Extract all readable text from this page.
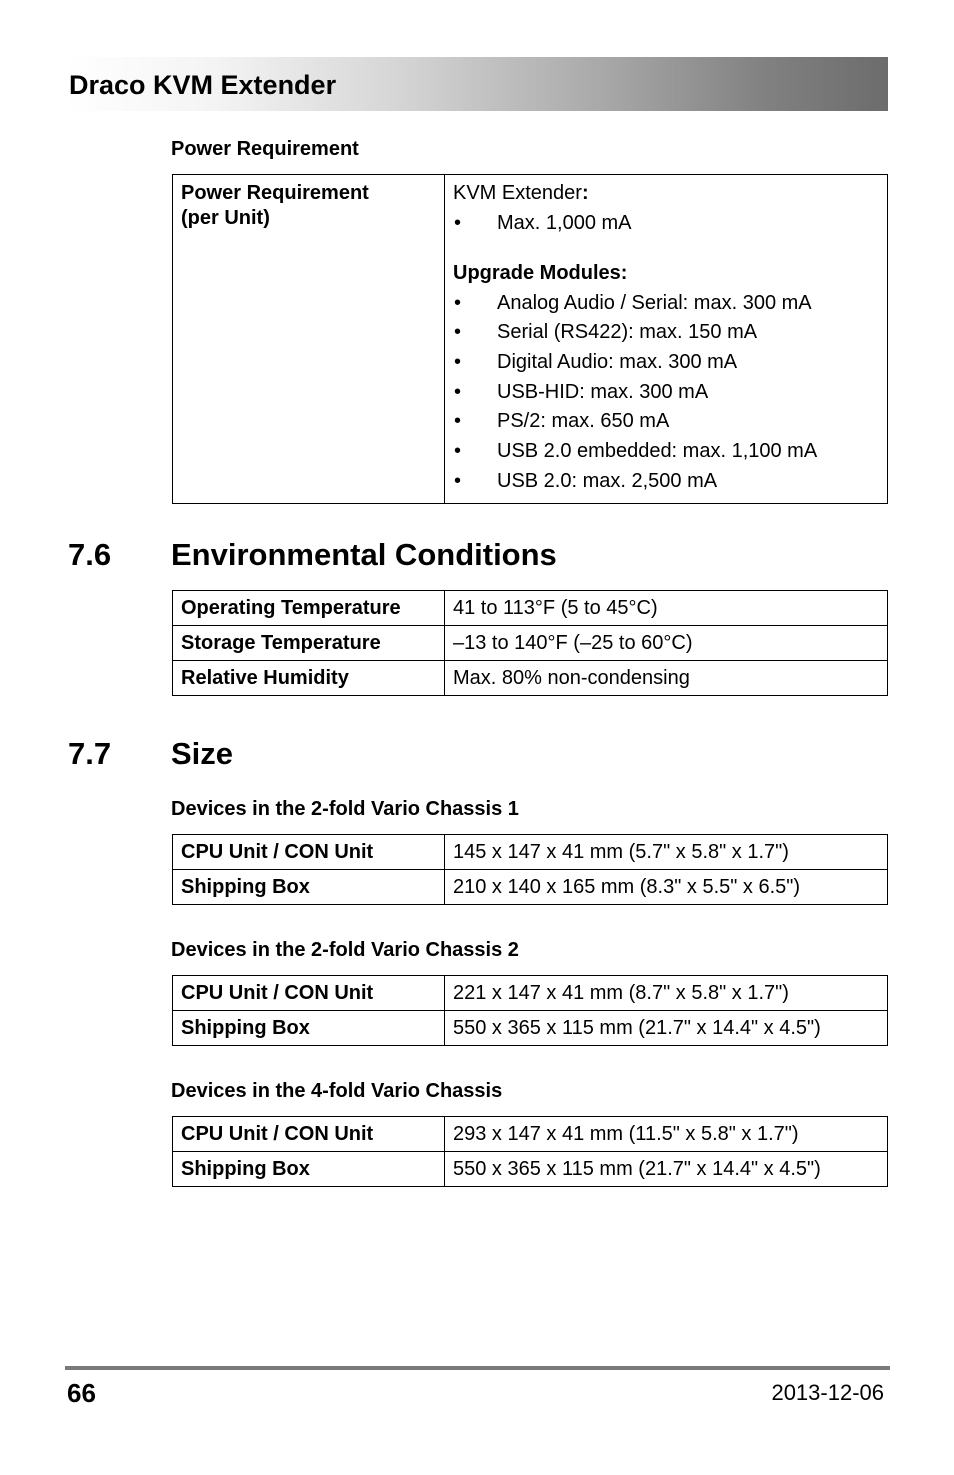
Draco KVM Extender
Power Requirement
Power Requirement
(per Unit)

KVM Extender:
•	Max. 1,000 mA
Upgrade Modules:
•	Analog Audio / Serial: max. 300 mA
•	Serial (RS422): max. 150 mA
•	Digital Audio: max. 300 mA
•	USB-HID: max. 300 mA
•	PS/2: max. 650 mA
•	USB 2.0 embedded: max. 1,100 mA
•	USB 2.0: max. 2,500 mA
7.6 Environmental Conditions
Operating Temperature	41 to 113°F (5 to 45°C)
Storage Temperature	–13 to 140°F (–25 to 60°C)
Relative Humidity	Max. 80% non-condensing
7.7 Size
Devices in the 2-fold Vario Chassis 1
CPU Unit / CON Unit	145 x 147 x 41 mm (5.7" x 5.8" x 1.7")
Shipping Box	210 x 140 x 165 mm (8.3" x 5.5" x 6.5")
Devices in the 2-fold Vario Chassis 2
CPU Unit / CON Unit	221 x 147 x 41 mm (8.7" x 5.8" x 1.7")
Shipping Box	550 x 365 x 115 mm (21.7" x 14.4" x 4.5")
Devices in the 4-fold Vario Chassis
CPU Unit / CON Unit	293 x 147 x 41 mm (11.5" x 5.8" x 1.7")
Shipping Box	550 x 365 x 115 mm (21.7" x 14.4" x 4.5")
66	2013-12-06
